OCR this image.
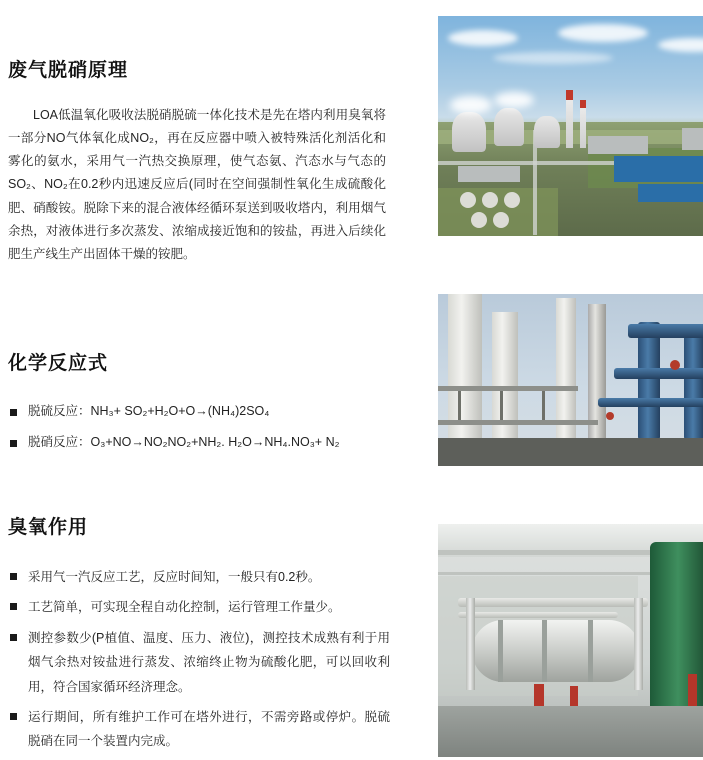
废气脱硝原理

LOA低温氧化吸收法脱硝脱硫一体化技术是先在塔内利用臭氧将一部分NO气体氧化成NO₂，再在反应器中喷入被特殊活化剂活化和雾化的氨水，采用气一汽热交换原理，使气态氨、汽态水与气态的SO₂、NO₂在0.2秒内迅速反应后(同时在空间强制性氧化生成硫酸化肥、硝酸铵。脱除下来的混合液体经循环泵送到吸收塔内，利用烟气余热，对液体进行多次蒸发、浓缩成接近饱和的铵盐，再进入后续化肥生产线生产出固体干燥的铵肥。

化学反应式
脱硫反应：NH₃+ SO₂+H₂O+O→(NH₄)2SO₄
脱硝反应：O₃+NO→NO₂NO₂+NH₂. H₂O→NH₄.NO₃+ N₂
臭氧作用
采用气一汽反应工艺，反应时间知，一般只有0.2秒。
工艺简单，可实现全程自动化控制，运行管理工作量少。
测控参数少(P植值、温度、压力、液位)，测控技术成熟有利于用烟气余热对铵盐进行蒸发、浓缩终止物为硫酸化肥，可以回收利用，符合国家循环经济理念。
运行期间，所有维护工作可在塔外进行，不需旁路或停炉。脱硫脱硝在同一个装置内完成。
